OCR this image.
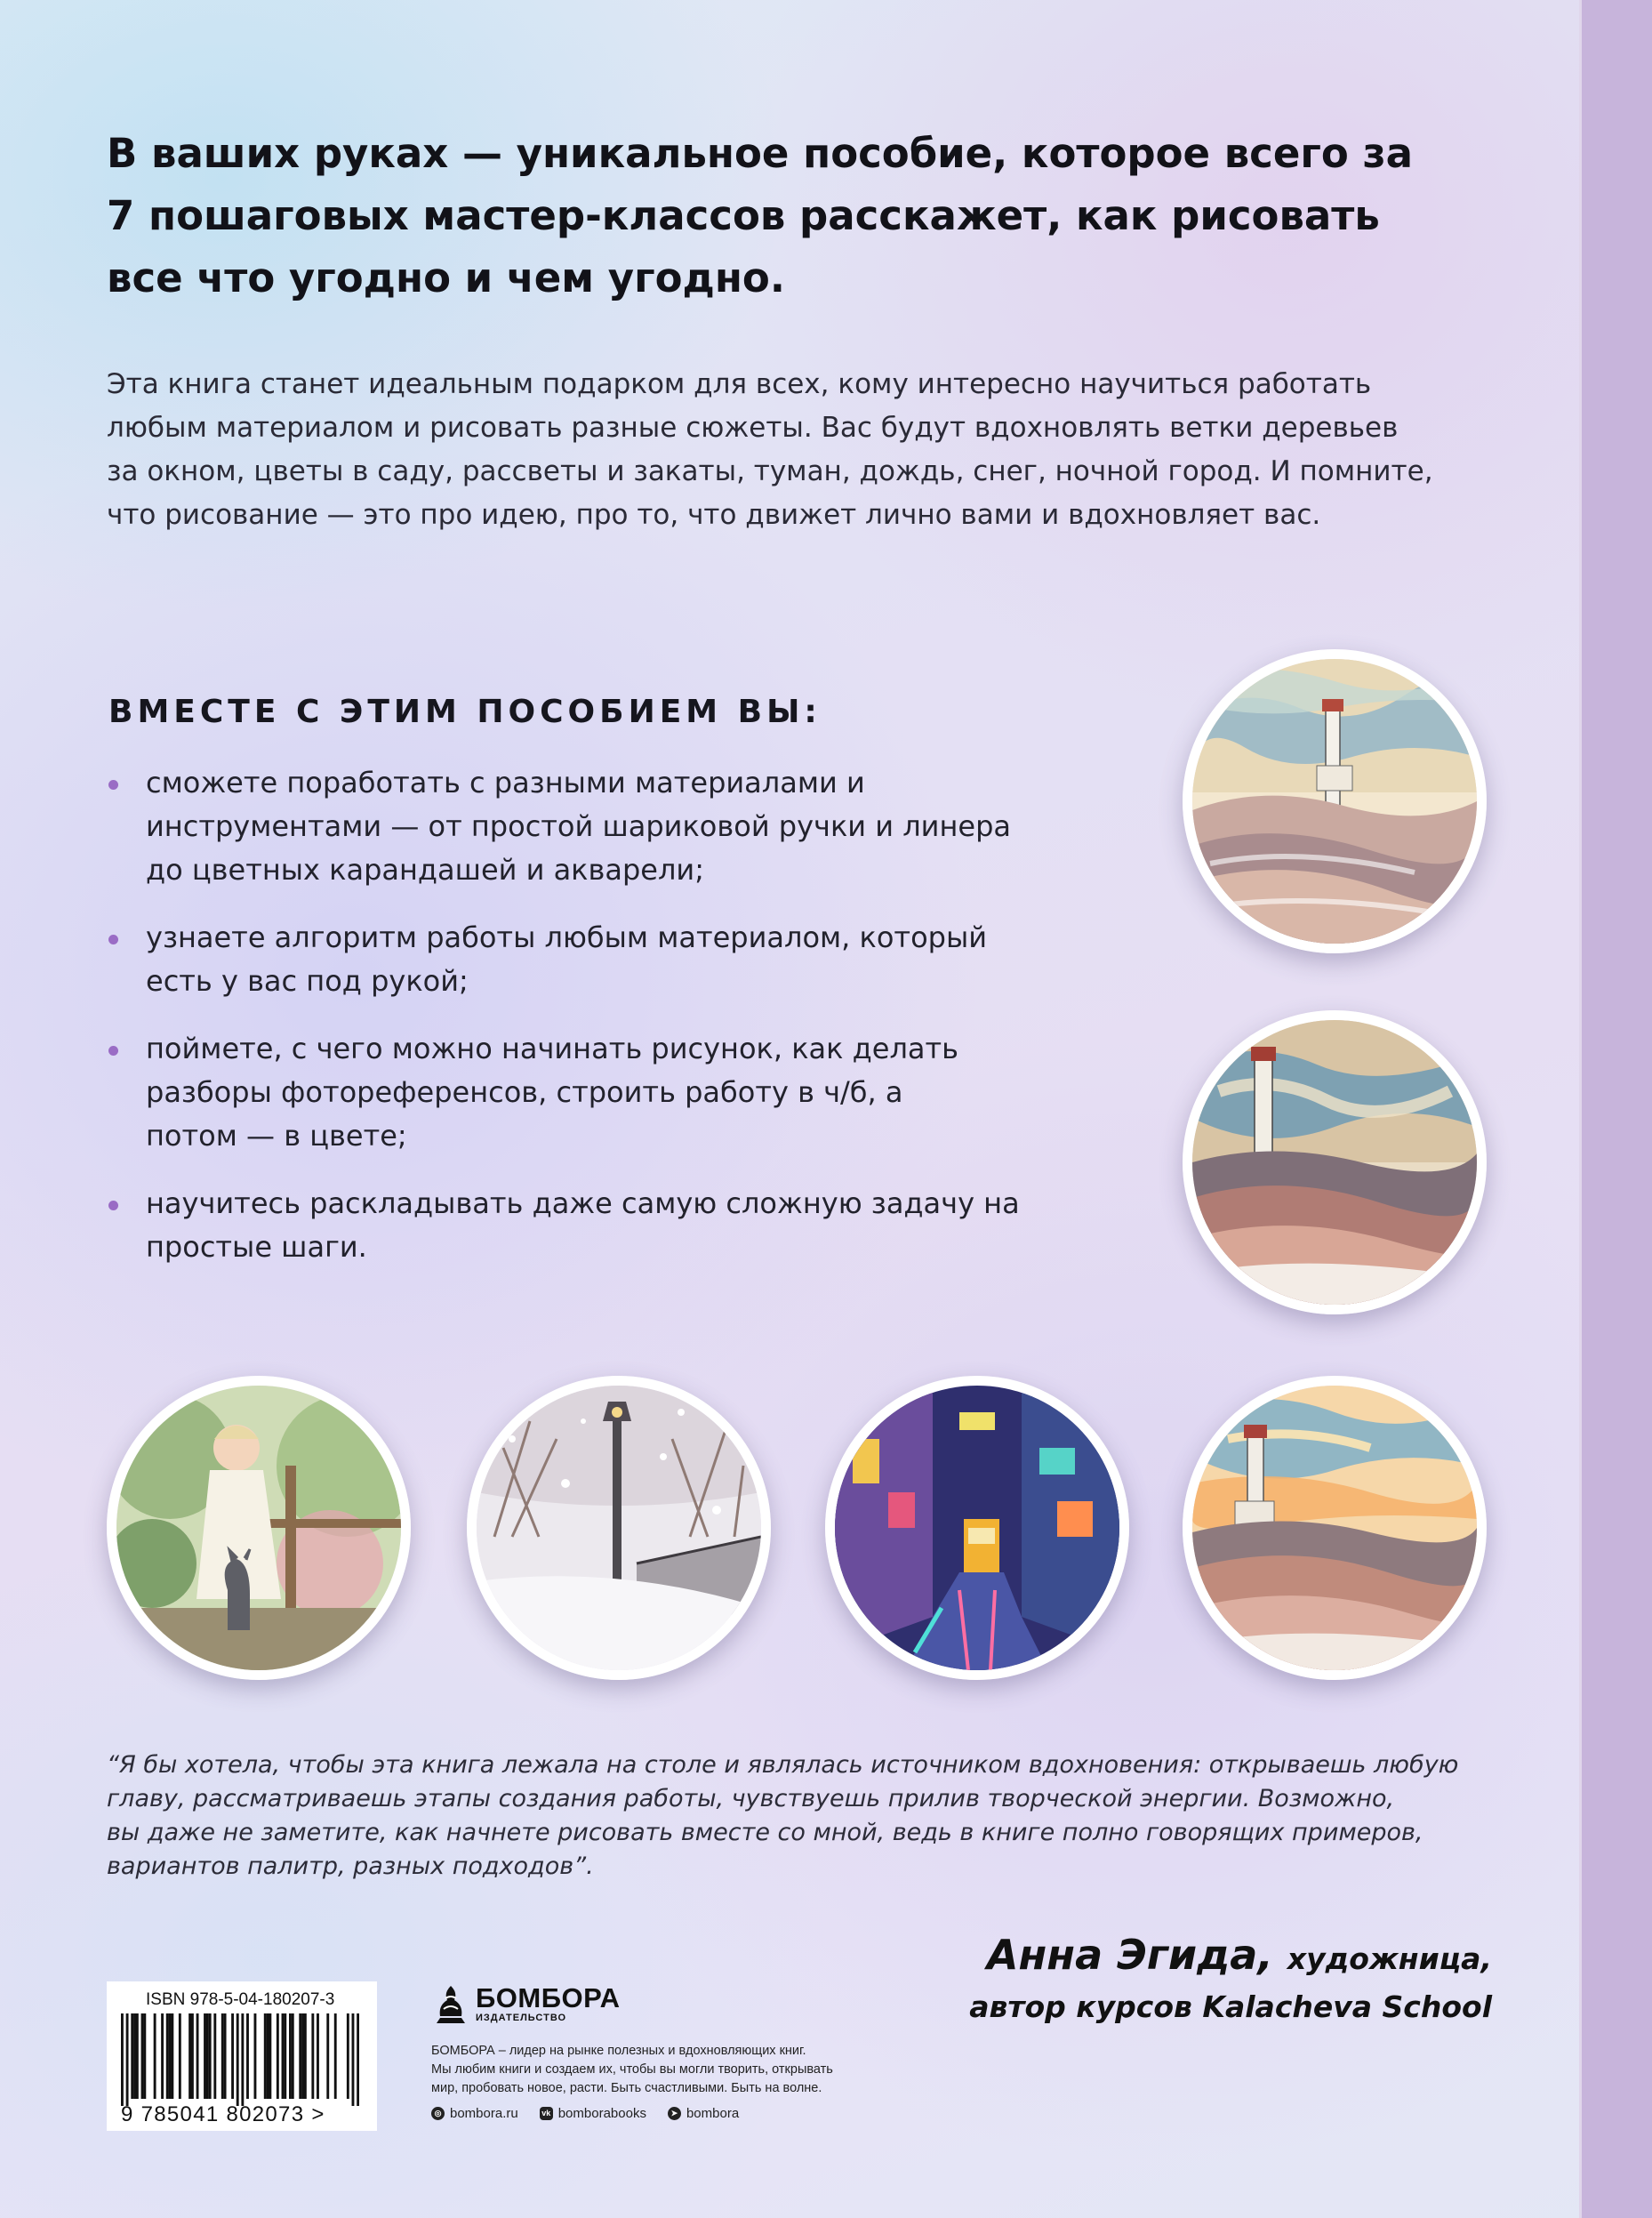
В ваших руках — уникальное пособие, которое всего за
7 пошаговых мастер-классов расскажет, как рисовать
все что угодно и чем угодно.
Эта книга станет идеальным подарком для всех, кому интересно научиться работать
любым материалом и рисовать разные сюжеты. Вас будут вдохновлять ветки деревьев
за окном, цветы в саду, рассветы и закаты, туман, дождь, снег, ночной город. И помните,
что рисование — это про идею, про то, что движет лично вами и вдохновляет вас.
ВМЕСТЕ С ЭТИМ ПОСОБИЕМ ВЫ:
сможете поработать с разными материалами и
инструментами — от простой шариковой ручки и линера
до цветных карандашей и акварели;
узнаете алгоритм работы любым материалом, который
есть у вас под рукой;
поймете, с чего можно начинать рисунок, как делать
разборы фотореференсов, строить работу в ч/б, а
потом — в цвете;
научитесь раскладывать даже самую сложную задачу на
простые шаги.
“Я бы хотела, чтобы эта книга лежала на столе и являлась источником вдохновения: открываешь любую
главу, рассматриваешь этапы создания работы, чувствуешь прилив творческой энергии. Возможно,
вы даже не заметите, как начнете рисовать вместе со мной, ведь в книге полно говорящих примеров,
вариантов палитр, разных подходов”.
Анна Эгида, художница,
автор курсов Kalacheva School
ISBN 978-5-04-180207-3
9 785041 802073 >
БОМБОРА
ИЗДАТЕЛЬСТВО
БОМБОРА – лидер на рынке полезных и вдохновляющих книг.
Мы любим книги и создаем их, чтобы вы могли творить, открывать
мир, пробовать новое, расти. Быть счастливыми. Быть на волне.
◎ bombora.ru	vk bomborabooks	➤ bombora
